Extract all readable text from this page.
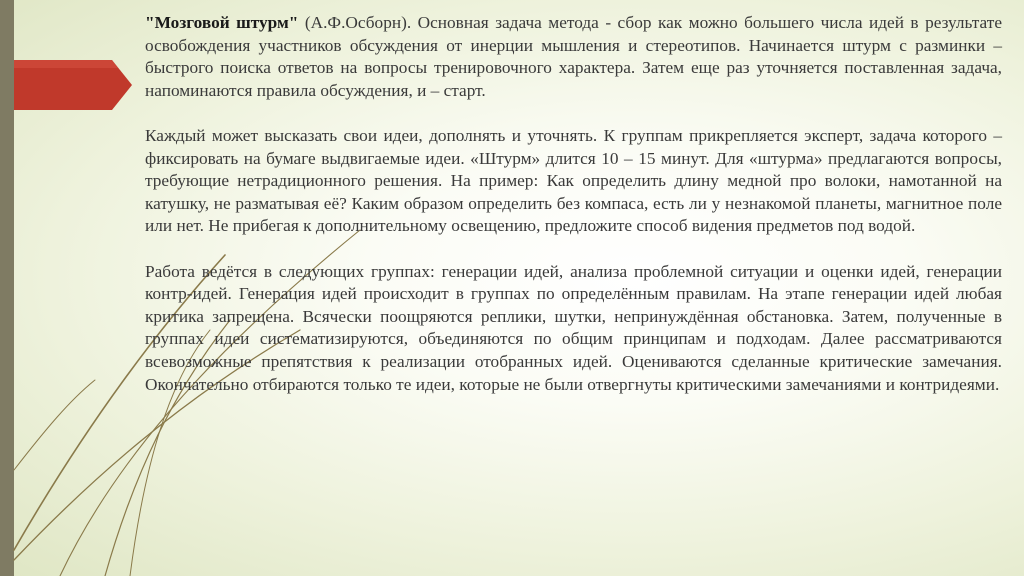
"Мозговой штурм" (А.Ф.Осборн). Основная задача метода - сбор как можно большего числа идей в результате освобождения участников обсуждения от инерции мышления и стереотипов. Начинается штурм с разминки – быстрого поиска ответов на вопросы тренировочного характера. Затем еще раз уточняется поставленная задача, напоминаются правила обсуждения, и – старт.

Каждый может высказать свои идеи, дополнять и уточнять. К группам прикрепляется эксперт, задача которого – фиксировать на бумаге выдвигаемые идеи. «Штурм» длится 10 – 15 минут. Для «штурма» предлагаются вопросы, требующие нетрадиционного решения. На пример: Как определить длину медной про волоки, намотанной на катушку, не разматывая её? Каким образом определить без компаса, есть ли у незнакомой планеты, магнитное поле или нет. Не прибегая к дополнительному освещению, предложите способ видения предметов под водой.

Работа ведётся в следующих группах: генерации идей, анализа проблемной ситуации и оценки идей, генерации контр-идей. Генерация идей происходит в группах по определённым правилам. На этапе генерации идей любая критика запрещена. Всячески поощряются реплики, шутки, непринуждённая обстановка. Затем, полученные в группах идеи систематизируются, объединяются по общим принципам и подходам. Далее рассматриваются всевозможные препятствия к реализации отобранных идей. Оцениваются сделанные критические замечания. Окончательно отбираются только те идеи, которые не были отвергнуты критическими замечаниями и контридеями.
